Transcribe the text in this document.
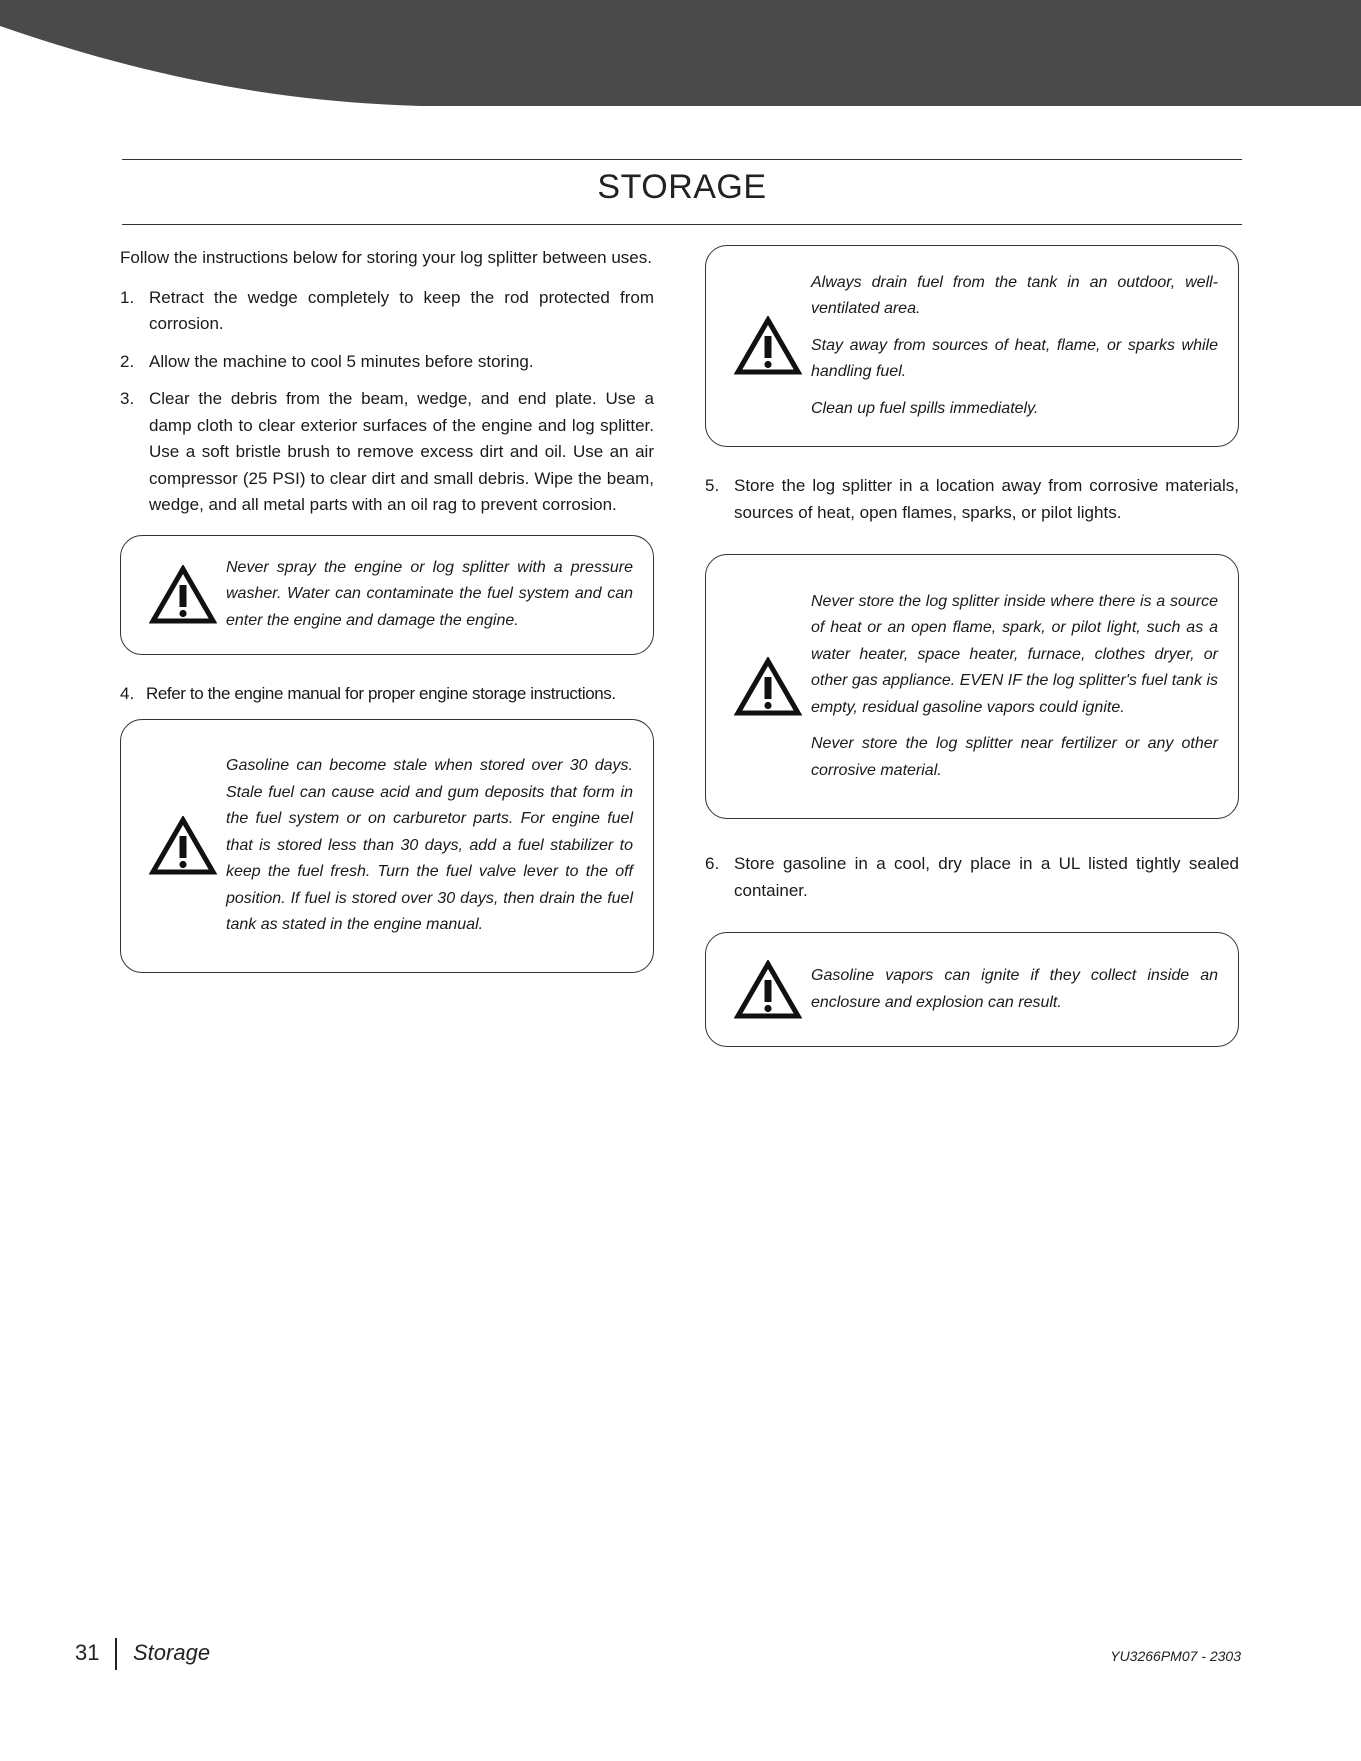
STORAGE

Follow the instructions below for storing your log splitter between uses.

1. Retract the wedge completely to keep the rod protected from corrosion.
2. Allow the machine to cool 5 minutes before storing.
3. Clear the debris from the beam, wedge, and end plate. Use a damp cloth to clear exterior surfaces of the engine and log splitter. Use a soft bristle brush to remove excess dirt and oil. Use an air compressor (25 PSI) to clear dirt and small debris. Wipe the beam, wedge, and all metal parts with an oil rag to prevent corrosion.

Never spray the engine or log splitter with a pressure washer. Water can contaminate the fuel system and can enter the engine and damage the engine.

4. Refer to the engine manual for proper engine storage instructions.

Gasoline can become stale when stored over 30 days. Stale fuel can cause acid and gum deposits that form in the fuel system or on carburetor parts. For engine fuel that is stored less than 30 days, add a fuel stabilizer to keep the fuel fresh. Turn the fuel valve lever to the off position. If fuel is stored over 30 days, then drain the fuel tank as stated in the engine manual.

Always drain fuel from the tank in an outdoor, well-ventilated area.

Stay away from sources of heat, flame, or sparks while handling fuel.

Clean up fuel spills immediately.

5. Store the log splitter in a location away from corrosive materials, sources of heat, open flames, sparks, or pilot lights.

Never store the log splitter inside where there is a source of heat or an open flame, spark, or pilot light, such as a water heater, space heater, furnace, clothes dryer, or other gas appliance. EVEN IF the log splitter's fuel tank is empty, residual gasoline vapors could ignite.

Never store the log splitter near fertilizer or any other corrosive material.

6. Store gasoline in a cool, dry place in a UL listed tightly sealed container.

Gasoline vapors can ignite if they collect inside an enclosure and explosion can result.

31 Storage	YU3266PM07 - 2303
